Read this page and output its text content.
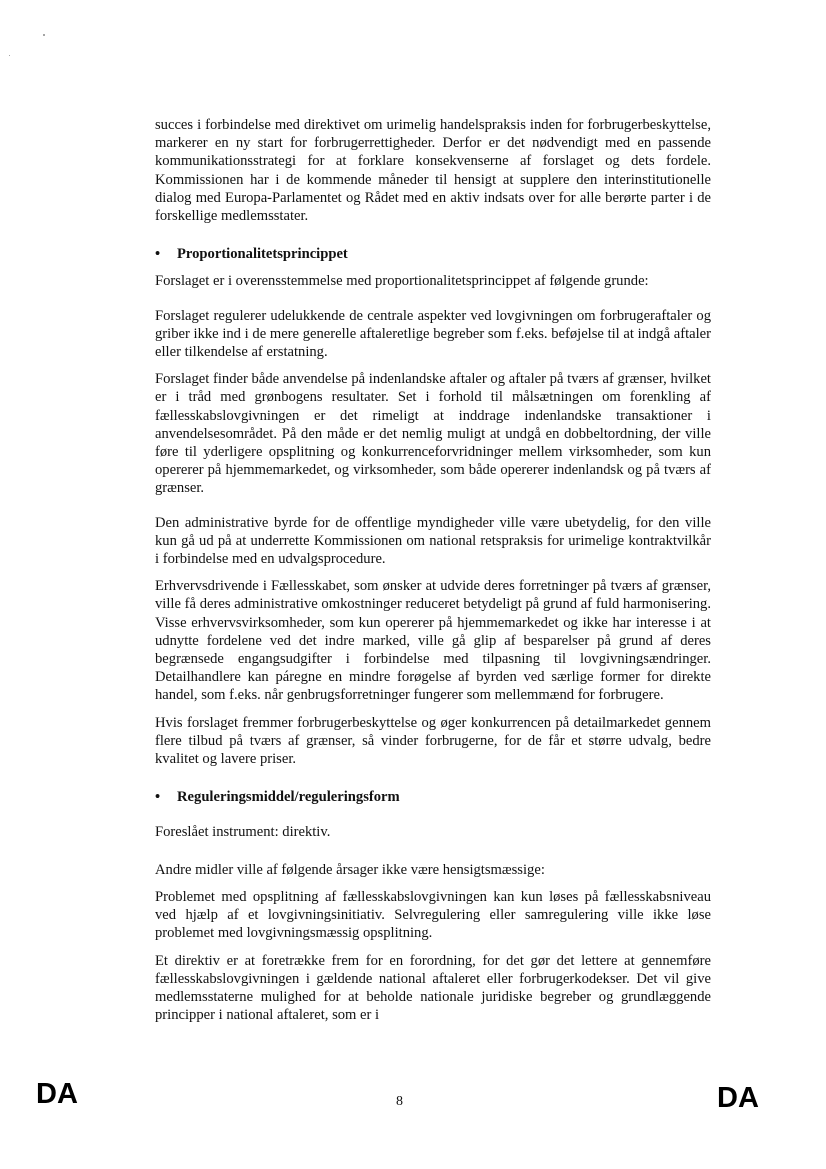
succes i forbindelse med direktivet om urimelig handelspraksis inden for forbrugerbeskyttelse, markerer en ny start for forbrugerrettigheder. Derfor er det nødvendigt med en passende kommunikationsstrategi for at forklare konsekvenserne af forslaget og dets fordele. Kommissionen har i de kommende måneder til hensigt at supplere den interinstitutionelle dialog med Europa-Parlamentet og Rådet med en aktiv indsats over for alle berørte parter i de forskellige medlemsstater.

•	Proportionalitetsprincippet

Forslaget er i overensstemmelse med proportionalitetsprincippet af følgende grunde:

Forslaget regulerer udelukkende de centrale aspekter ved lovgivningen om forbrugeraftaler og griber ikke ind i de mere generelle aftaleretlige begreber som f.eks. beføjelse til at indgå aftaler eller tilkendelse af erstatning.

Forslaget finder både anvendelse på indenlandske aftaler og aftaler på tværs af grænser, hvilket er i tråd med grønbogens resultater. Set i forhold til målsætningen om forenkling af fællesskabslovgivningen er det rimeligt at inddrage indenlandske transaktioner i anvendelsesområdet. På den måde er det nemlig muligt at undgå en dobbeltordning, der ville føre til yderligere opsplitning og konkurrenceforvridninger mellem virksomheder, som kun opererer på hjemmemarkedet, og virksomheder, som både opererer indenlandsk og på tværs af grænser.

Den administrative byrde for de offentlige myndigheder ville være ubetydelig, for den ville kun gå ud på at underrette Kommissionen om national retspraksis for urimelige kontraktvilkår i forbindelse med en udvalgsprocedure.

Erhvervsdrivende i Fællesskabet, som ønsker at udvide deres forretninger på tværs af grænser, ville få deres administrative omkostninger reduceret betydeligt på grund af fuld harmonisering. Visse erhvervsvirksomheder, som kun opererer på hjemmemarkedet og ikke har interesse i at udnytte fordelene ved det indre marked, ville gå glip af besparelser på grund af deres begrænsede engangsudgifter i forbindelse med tilpasning til lovgivningsændringer. Detailhandlere kan páregne en mindre forøgelse af byrden ved særlige former for direkte handel, som f.eks. når genbrugsforretninger fungerer som mellemmænd for forbrugere.

Hvis forslaget fremmer forbrugerbeskyttelse og øger konkurrencen på detailmarkedet gennem flere tilbud på tværs af grænser, så vinder forbrugerne, for de får et større udvalg, bedre kvalitet og lavere priser.

•	Reguleringsmiddel/reguleringsform

Foreslået instrument: direktiv.

Andre midler ville af følgende årsager ikke være hensigtsmæssige:

Problemet med opsplitning af fællesskabslovgivningen kan kun løses på fællesskabsniveau ved hjælp af et lovgivningsinitiativ. Selvregulering eller samregulering ville ikke løse problemet med lovgivningsmæssig opsplitning.

Et direktiv er at foretrække frem for en forordning, for det gør det lettere at gennemføre fællesskabslovgivningen i gældende national aftaleret eller forbrugerkodekser. Det vil give medlemsstaterne mulighed for at beholde nationale juridiske begreber og grundlæggende principper i national aftaleret, som er i

DA	8	DA
